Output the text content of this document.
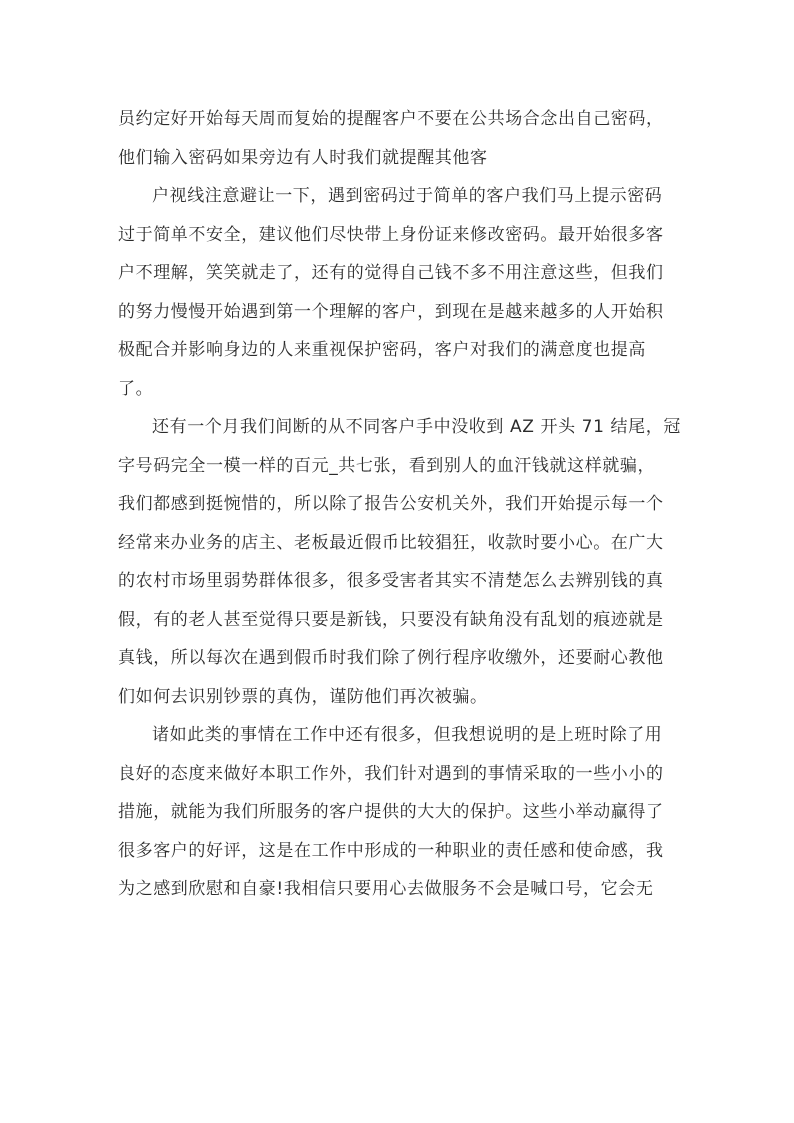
员约定好开始每天周而复始的提醒客户不要在公共场合念出自己密码，
他们输入密码如果旁边有人时我们就提醒其他客
户视线注意避让一下，遇到密码过于简单的客户我们马上提示密码
过于简单不安全，建议他们尽快带上身份证来修改密码。最开始很多客
户不理解，笑笑就走了，还有的觉得自己钱不多不用注意这些，但我们
的努力慢慢开始遇到第一个理解的客户，到现在是越来越多的人开始积
极配合并影响身边的人来重视保护密码，客户对我们的满意度也提高
了。
还有一个月我们间断的从不同客户手中没收到 AZ 开头 71 结尾，冠
字号码完全一模一样的百元_共七张，看到别人的血汗钱就这样就骗，
我们都感到挺惋惜的，所以除了报告公安机关外，我们开始提示每一个
经常来办业务的店主、老板最近假币比较猖狂，收款时要小心。在广大
的农村市场里弱势群体很多，很多受害者其实不清楚怎么去辨别钱的真
假，有的老人甚至觉得只要是新钱，只要没有缺角没有乱划的痕迹就是
真钱，所以每次在遇到假币时我们除了例行程序收缴外，还要耐心教他
们如何去识别钞票的真伪，谨防他们再次被骗。
诸如此类的事情在工作中还有很多，但我想说明的是上班时除了用
良好的态度来做好本职工作外，我们针对遇到的事情采取的一些小小的
措施，就能为我们所服务的客户提供的大大的保护。这些小举动赢得了
很多客户的好评，这是在工作中形成的一种职业的责任感和使命感，我
为之感到欣慰和自豪!我相信只要用心去做服务不会是喊口号，它会无
